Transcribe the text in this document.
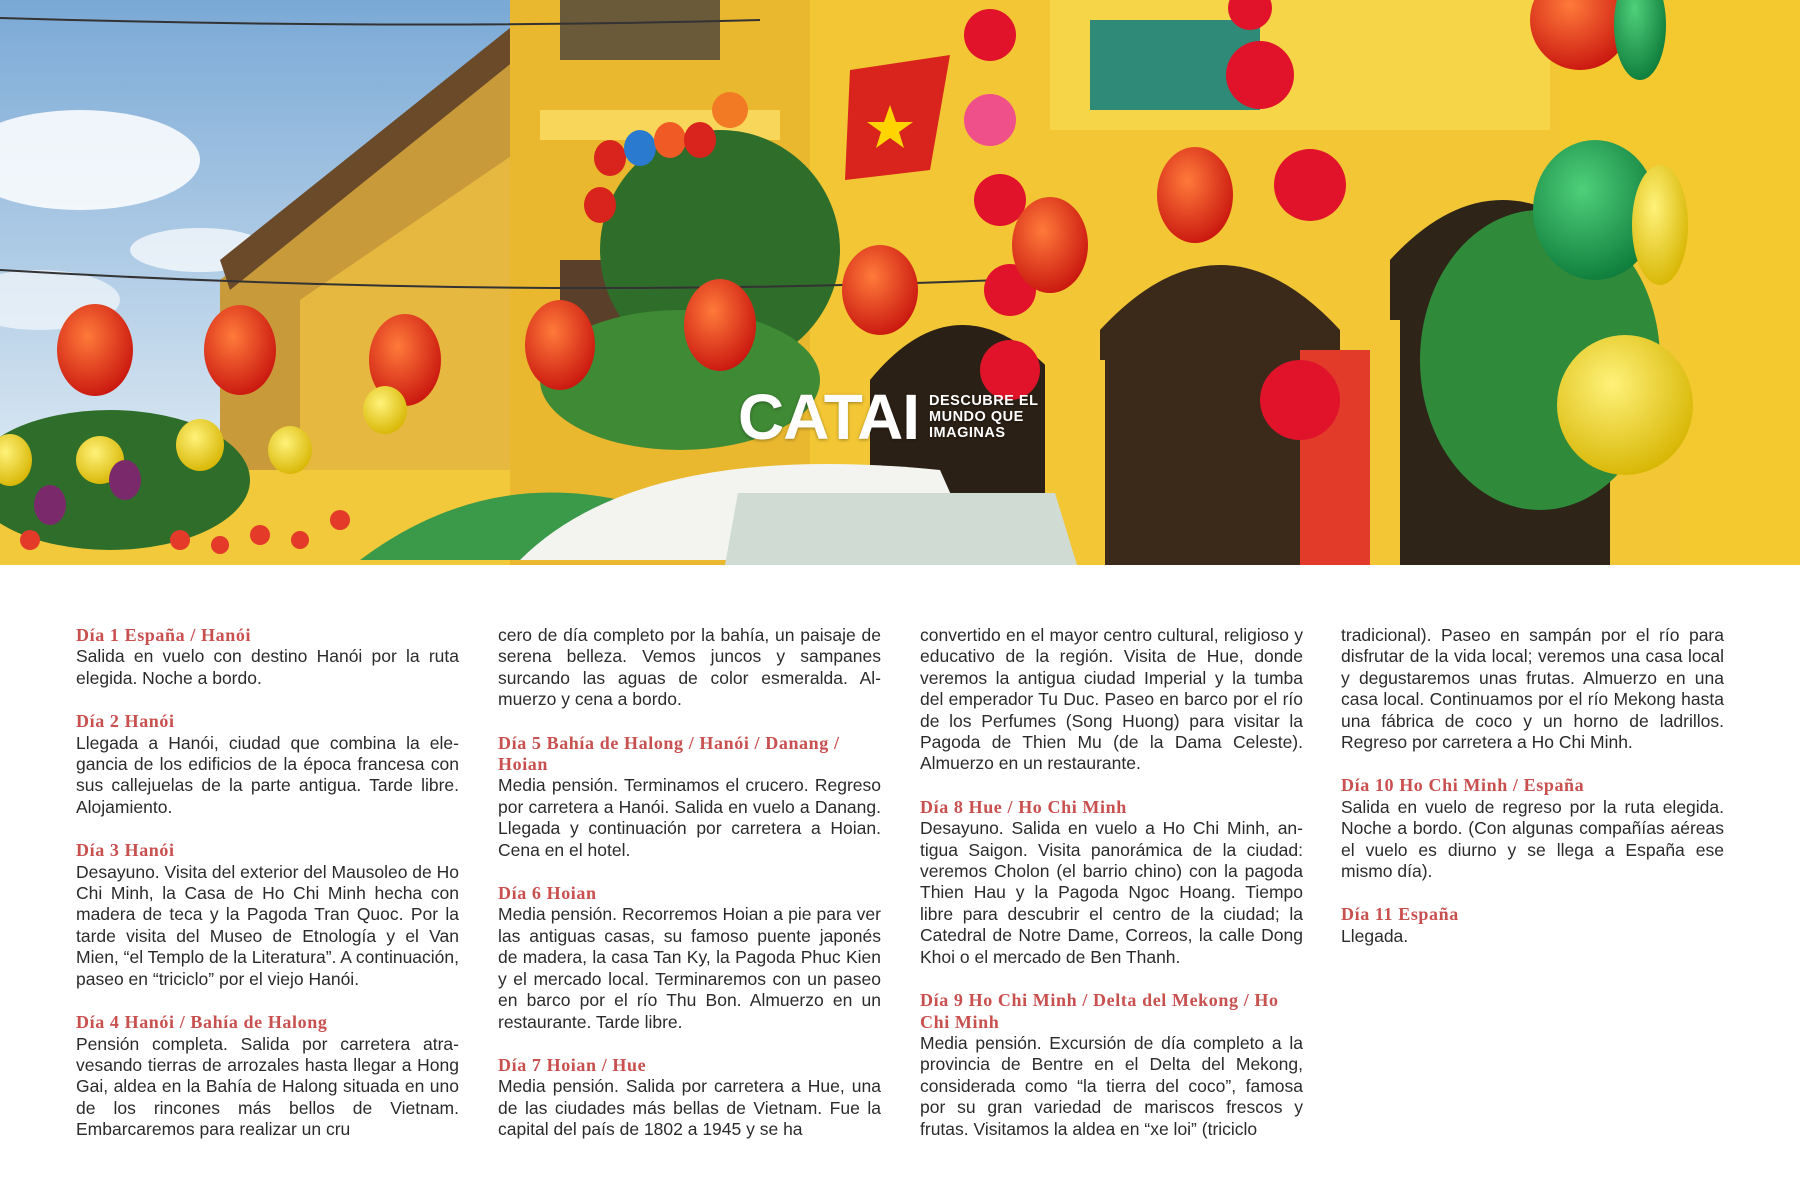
CATAI DESCUBRE EL
MUNDO QUE
IMAGINAS
Día 1 España / Hanói

Salida en vuelo con destino Hanói por la ruta elegida. Noche a bordo.

Día 2 Hanói

Llegada a Hanói, ciudad que combina la elegancia de los edificios de la época francesa con sus callejuelas de la parte antigua. Tarde libre. Alojamiento.

Día 3 Hanói

Desayuno. Visita del exterior del Mausoleo de Ho Chi Minh, la Casa de Ho Chi Minh hecha con madera de teca y la Pagoda Tran Quoc. Por la tarde visita del Museo de Etnología y el Van Mien, “el Templo de la Literatura”. A continuación, paseo en “triciclo” por el viejo Hanói.

Día 4 Hanói / Bahía de Halong

Pensión completa. Salida por carretera atravesando tierras de arrozales hasta llegar a Hong Gai, aldea en la Bahía de Halong situada en uno de los rincones más bellos de Vietnam. Embarcaremos para realizar un cru

cero de día completo por la bahía, un paisaje de serena belleza. Vemos juncos y sampanes surcando las aguas de color esmeralda. Almuerzo y cena a bordo.

Día 5 Bahía de Halong / Hanói / Danang / Hoian

Media pensión. Terminamos el crucero. Regreso por carretera a Hanói. Salida en vuelo a Danang. Llegada y continuación por carretera a Hoian. Cena en el hotel.

Día 6 Hoian

Media pensión. Recorremos Hoian a pie para ver las antiguas casas, su famoso puente japonés de madera, la casa Tan Ky, la Pagoda Phuc Kien y el mercado local. Terminaremos con un paseo en barco por el río Thu Bon. Almuerzo en un restaurante. Tarde libre.

Día 7 Hoian / Hue

Media pensión. Salida por carretera a Hue, una de las ciudades más bellas de Vietnam. Fue la capital del país de 1802 a 1945 y se ha

convertido en el mayor centro cultural, religioso y educativo de la región. Visita de Hue, donde veremos la antigua ciudad Imperial y la tumba del emperador Tu Duc. Paseo en barco por el río de los Perfumes (Song Huong) para visitar la Pagoda de Thien Mu (de la Dama Celeste). Almuerzo en un restaurante.

Día 8 Hue / Ho Chi Minh

Desayuno. Salida en vuelo a Ho Chi Minh, antigua Saigon. Visita panorámica de la ciudad: veremos Cholon (el barrio chino) con la pagoda Thien Hau y la Pagoda Ngoc Hoang. Tiempo libre para descubrir el centro de la ciudad; la Catedral de Notre Dame, Correos, la calle Dong Khoi o el mercado de Ben Thanh.

Día 9 Ho Chi Minh / Delta del Mekong / Ho Chi Minh

Media pensión. Excursión de día completo a la provincia de Bentre en el Delta del Mekong, considerada como “la tierra del coco”, famosa por su gran variedad de mariscos frescos y frutas. Visitamos la aldea en “xe loi” (triciclo

tradicional). Paseo en sampán por el río para disfrutar de la vida local; veremos una casa local y degustaremos unas frutas. Almuerzo en una casa local. Continuamos por el río Mekong hasta una fábrica de coco y un horno de ladrillos. Regreso por carretera a Ho Chi Minh.

Día 10 Ho Chi Minh / España

Salida en vuelo de regreso por la ruta elegida. Noche a bordo. (Con algunas compañías aéreas el vuelo es diurno y se llega a España ese mismo día).

Día 11 España

Llegada.
